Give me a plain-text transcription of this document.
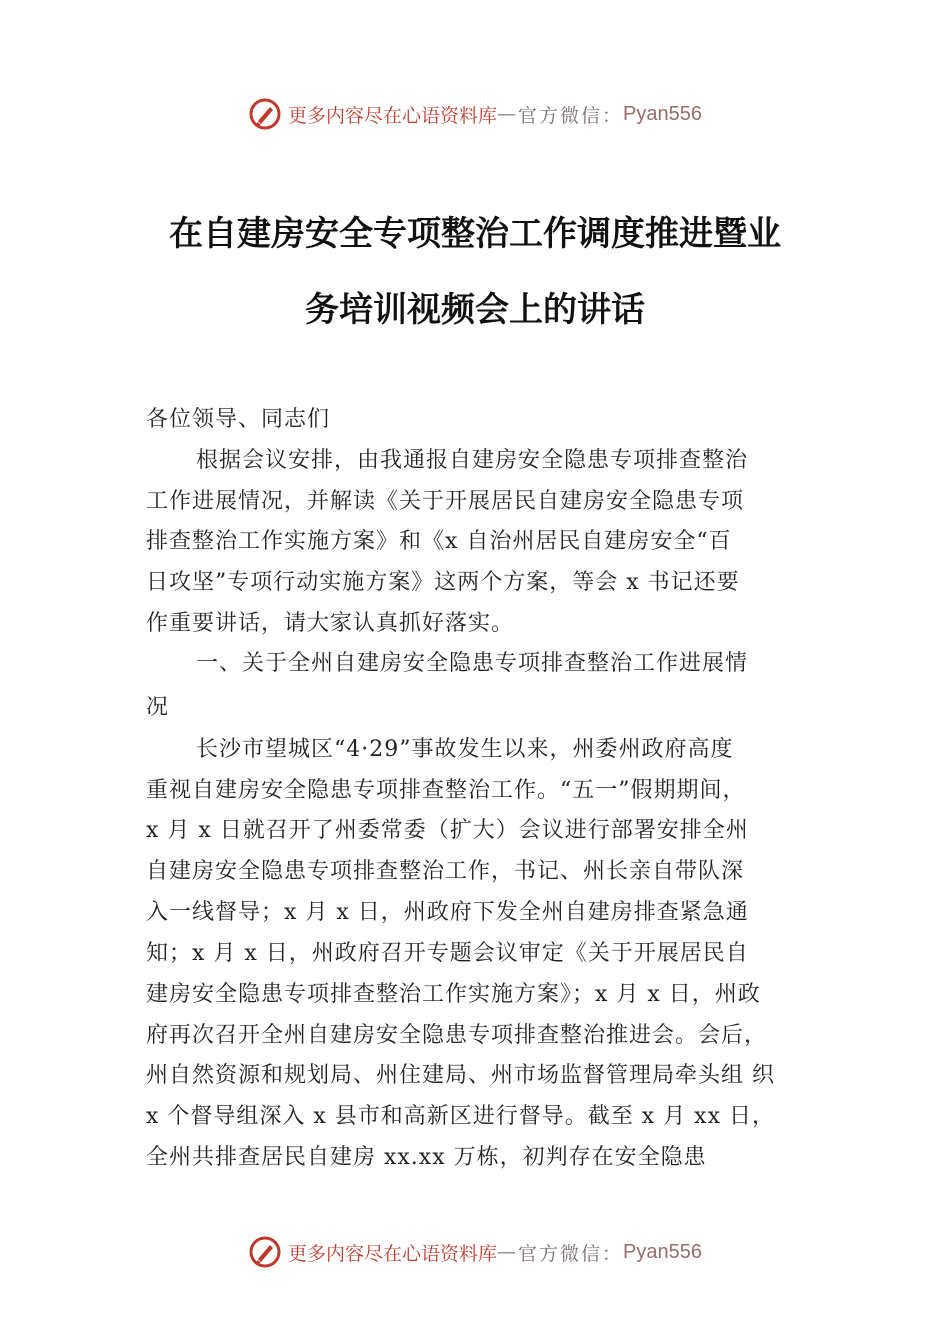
更多内容尽在心语资料库 — 官方微信： Pyan556
在自建房安全专项整治工作调度推进暨业
务培训视频会上的讲话
各位领导、同志们
根据会议安排，由我通报自建房安全隐患专项排查整治
工作进展情况，并解读《关于开展居民自建房安全隐患专项
排查整治工作实施方案》和《x 自治州居民自建房安全“百
日攻坚”专项行动实施方案》这两个方案，等会 x 书记还要
作重要讲话，请大家认真抓好落实。
一、关于全州自建房安全隐患专项排查整治工作进展情
况
长沙市望城区“4·29”事故发生以来，州委州政府高度
重视自建房安全隐患专项排查整治工作。“五一”假期期间，
x 月 x 日就召开了州委常委（扩大）会议进行部署安排全州
自建房安全隐患专项排查整治工作，书记、州长亲自带队深
入一线督导；x 月 x 日，州政府下发全州自建房排查紧急通
知；x 月 x 日，州政府召开专题会议审定《关于开展居民自
建房安全隐患专项排查整治工作实施方案》；x 月 x 日，州政
府再次召开全州自建房安全隐患专项排查整治推进会。会后，
州自然资源和规划局、州住建局、州市场监督管理局牵头组 织
x 个督导组深入 x 县市和高新区进行督导。截至 x 月 xx 日，
全州共排查居民自建房 xx.xx 万栋，初判存在安全隐患
更多内容尽在心语资料库 — 官方微信： Pyan556
